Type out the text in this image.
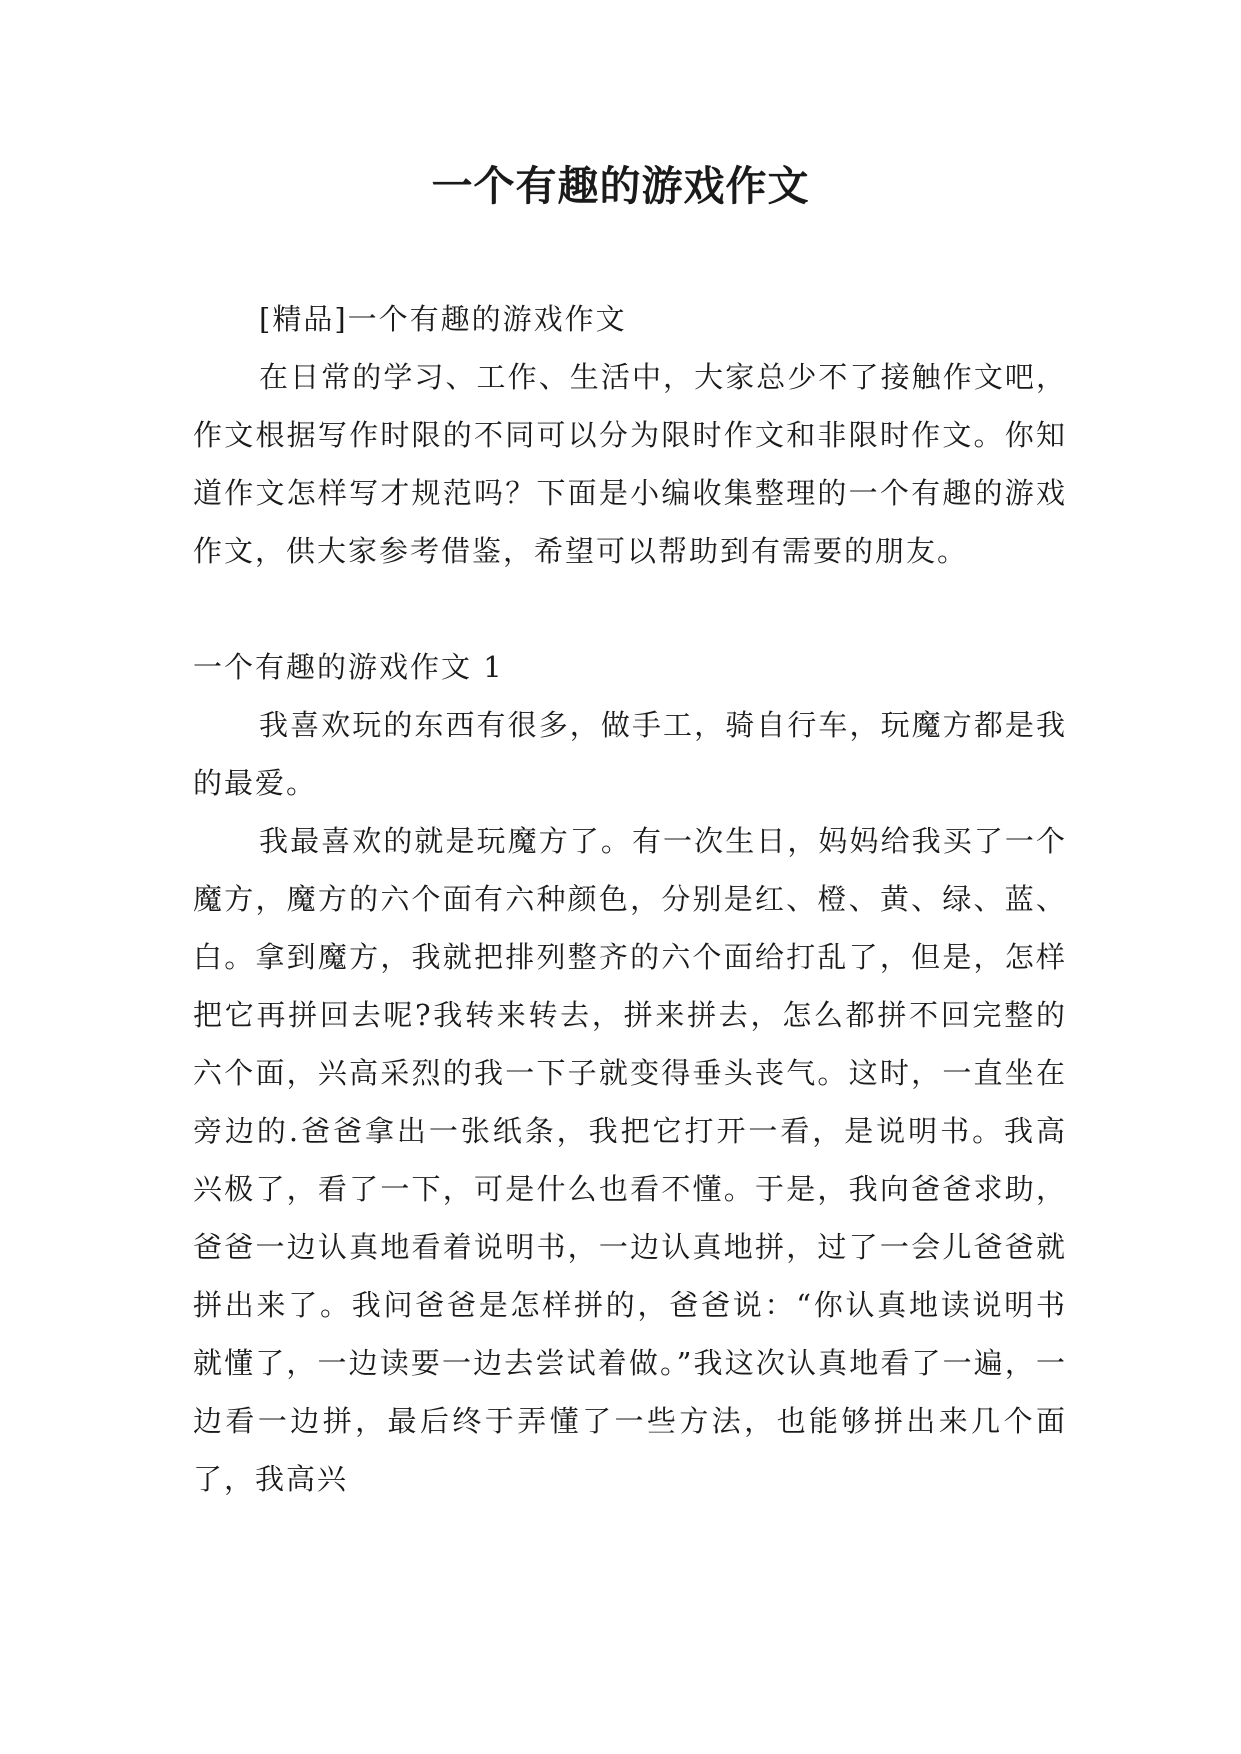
一个有趣的游戏作文

[精品]一个有趣的游戏作文

在日常的学习、工作、生活中，大家总少不了接触作文吧，作文根据写作时限的不同可以分为限时作文和非限时作文。你知道作文怎样写才规范吗？下面是小编收集整理的一个有趣的游戏作文，供大家参考借鉴，希望可以帮助到有需要的朋友。

一个有趣的游戏作文 1

我喜欢玩的东西有很多，做手工，骑自行车，玩魔方都是我的最爱。

我最喜欢的就是玩魔方了。有一次生日，妈妈给我买了一个魔方，魔方的六个面有六种颜色，分别是红、橙、黄、绿、蓝、白。拿到魔方，我就把排列整齐的六个面给打乱了，但是，怎样把它再拼回去呢?我转来转去，拼来拼去，怎么都拼不回完整的六个面，兴高采烈的我一下子就变得垂头丧气。这时，一直坐在旁边的.爸爸拿出一张纸条，我把它打开一看，是说明书。我高兴极了，看了一下，可是什么也看不懂。于是，我向爸爸求助，爸爸一边认真地看着说明书，一边认真地拼，过了一会儿爸爸就拼出来了。我问爸爸是怎样拼的，爸爸说：“你认真地读说明书就懂了，一边读要一边去尝试着做。”我这次认真地看了一遍，一边看一边拼，最后终于弄懂了一些方法，也能够拼出来几个面了，我高兴
